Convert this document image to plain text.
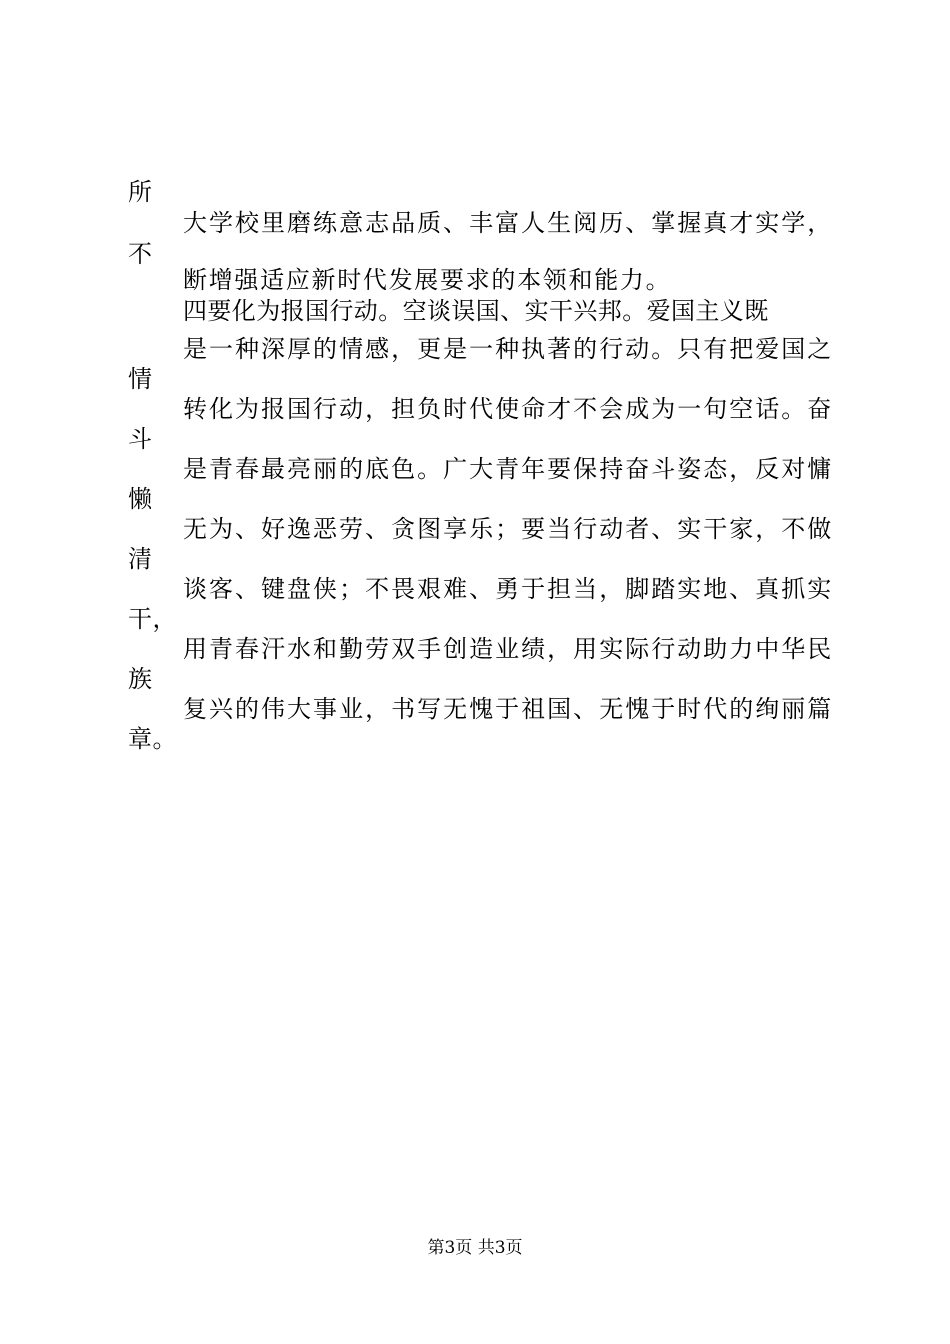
所
大学校里磨练意志品质、丰富人生阅历、掌握真才实学，
不
断增强适应新时代发展要求的本领和能力。
四要化为报国行动。空谈误国、实干兴邦。爱国主义既
是一种深厚的情感，更是一种执著的行动。只有把爱国之
情
转化为报国行动，担负时代使命才不会成为一句空话。奋
斗
是青春最亮丽的底色。广大青年要保持奋斗姿态，反对慵
懒
无为、好逸恶劳、贪图享乐；要当行动者、实干家，不做
清
谈客、键盘侠；不畏艰难、勇于担当，脚踏实地、真抓实
干，
用青春汗水和勤劳双手创造业绩，用实际行动助力中华民
族
复兴的伟大事业，书写无愧于祖国、无愧于时代的绚丽篇
章。
第3页 共3页
